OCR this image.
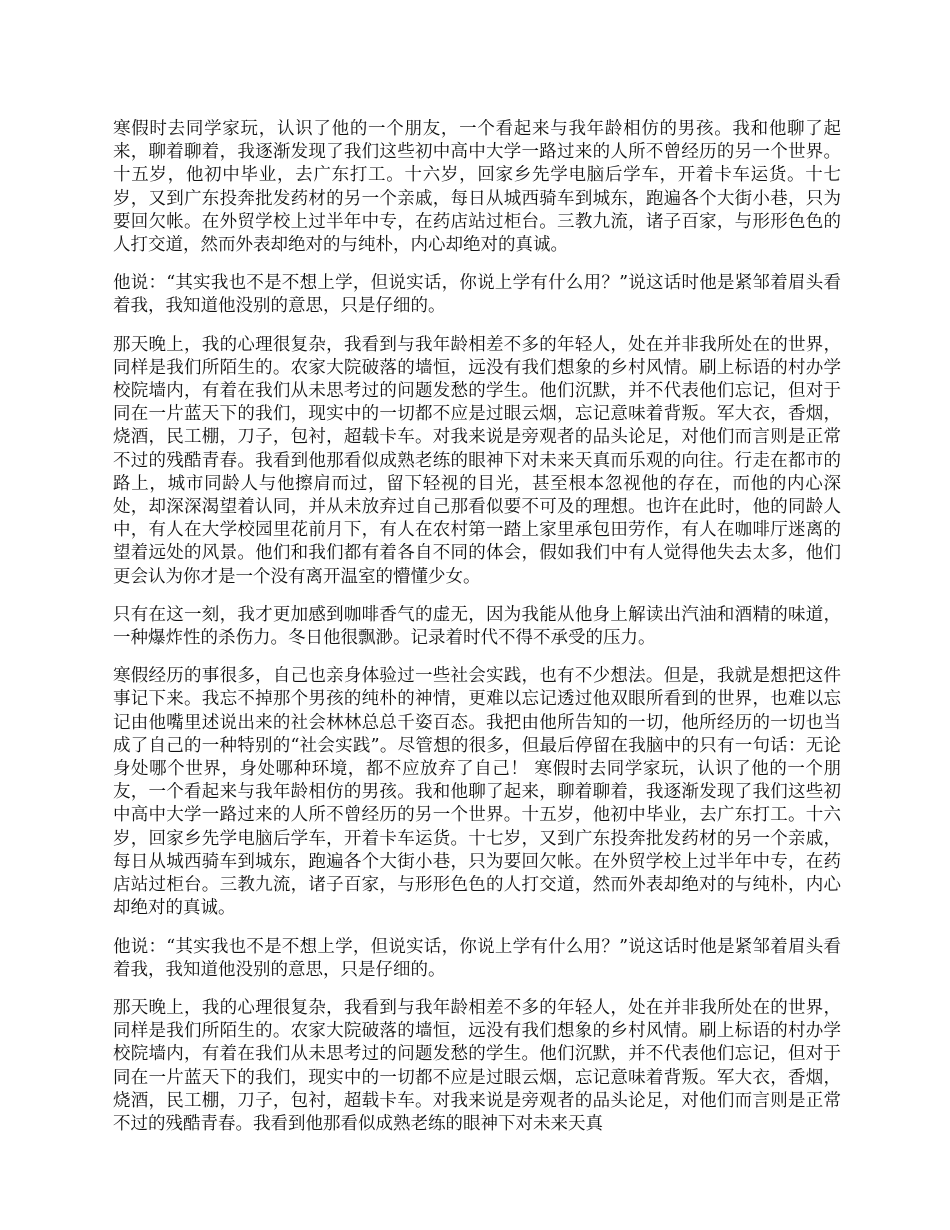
寒假时去同学家玩，认识了他的一个朋友，一个看起来与我年龄相仿的男孩。我和他聊了起来，聊着聊着，我逐渐发现了我们这些初中高中大学一路过来的人所不曾经历的另一个世界。十五岁，他初中毕业，去广东打工。十六岁，回家乡先学电脑后学车，开着卡车运货。十七岁，又到广东投奔批发药材的另一个亲戚，每日从城西骑车到城东，跑遍各个大街小巷，只为要回欠帐。在外贸学校上过半年中专，在药店站过柜台。三教九流，诸子百家，与形形色色的人打交道，然而外表却绝对的与纯朴，内心却绝对的真诚。

他说：“其实我也不是不想上学，但说实话，你说上学有什么用？”说这话时他是紧邹着眉头看着我，我知道他没别的意思，只是仔细的。

那天晚上，我的心理很复杂，我看到与我年龄相差不多的年轻人，处在并非我所处在的世界，同样是我们所陌生的。农家大院破落的墙恒，远没有我们想象的乡村风情。刷上标语的村办学校院墙内，有着在我们从未思考过的问题发愁的学生。他们沉默，并不代表他们忘记，但对于同在一片蓝天下的我们，现实中的一切都不应是过眼云烟，忘记意味着背叛。军大衣，香烟，烧酒，民工棚，刀子，包衬，超载卡车。对我来说是旁观者的品头论足，对他们而言则是正常不过的残酷青春。我看到他那看似成熟老练的眼神下对未来天真而乐观的向往。行走在都市的路上，城市同龄人与他擦肩而过，留下轻视的目光，甚至根本忽视他的存在，而他的内心深处，却深深渴望着认同，并从未放弃过自己那看似要不可及的理想。也许在此时，他的同龄人中，有人在大学校园里花前月下，有人在农村第一踏上家里承包田劳作，有人在咖啡厅迷离的望着远处的风景。他们和我们都有着各自不同的体会，假如我们中有人觉得他失去太多，他们更会认为你才是一个没有离开温室的懵懂少女。

只有在这一刻，我才更加感到咖啡香气的虚无，因为我能从他身上解读出汽油和酒精的味道，一种爆炸性的杀伤力。冬日他很飘渺。记录着时代不得不承受的压力。

寒假经历的事很多，自己也亲身体验过一些社会实践，也有不少想法。但是，我就是想把这件事记下来。我忘不掉那个男孩的纯朴的神情，更难以忘记透过他双眼所看到的世界，也难以忘记由他嘴里述说出来的社会林林总总千姿百态。我把由他所告知的一切，他所经历的一切也当成了自己的一种特别的“社会实践”。尽管想的很多，但最后停留在我脑中的只有一句话：无论身处哪个世界，身处哪种环境，都不应放弃了自己！ 寒假时去同学家玩，认识了他的一个朋友，一个看起来与我年龄相仿的男孩。我和他聊了起来，聊着聊着，我逐渐发现了我们这些初中高中大学一路过来的人所不曾经历的另一个世界。十五岁，他初中毕业，去广东打工。十六岁，回家乡先学电脑后学车，开着卡车运货。十七岁，又到广东投奔批发药材的另一个亲戚，每日从城西骑车到城东，跑遍各个大街小巷，只为要回欠帐。在外贸学校上过半年中专，在药店站过柜台。三教九流，诸子百家，与形形色色的人打交道，然而外表却绝对的与纯朴，内心却绝对的真诚。

他说：“其实我也不是不想上学，但说实话，你说上学有什么用？”说这话时他是紧邹着眉头看着我，我知道他没别的意思，只是仔细的。

那天晚上，我的心理很复杂，我看到与我年龄相差不多的年轻人，处在并非我所处在的世界，同样是我们所陌生的。农家大院破落的墙恒，远没有我们想象的乡村风情。刷上标语的村办学校院墙内，有着在我们从未思考过的问题发愁的学生。他们沉默，并不代表他们忘记，但对于同在一片蓝天下的我们，现实中的一切都不应是过眼云烟，忘记意味着背叛。军大衣，香烟，烧酒，民工棚，刀子，包衬，超载卡车。对我来说是旁观者的品头论足，对他们而言则是正常不过的残酷青春。我看到他那看似成熟老练的眼神下对未来天真
